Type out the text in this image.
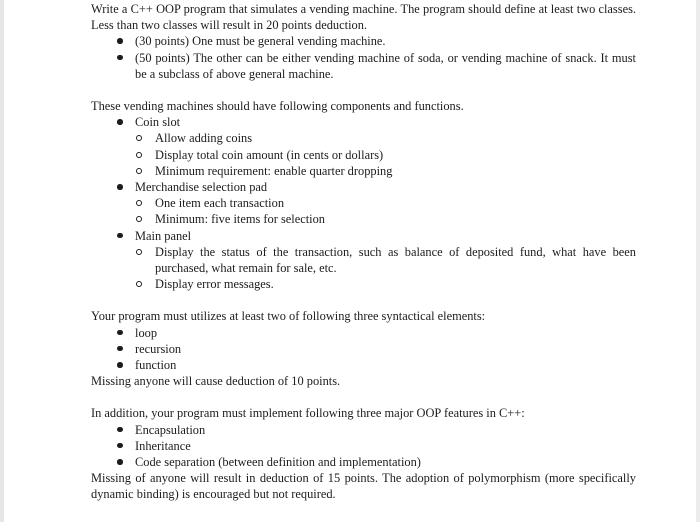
Write a C++ OOP program that simulates a vending machine. The program should define at least two classes. Less than two classes will result in 20 points deduction.

(30 points) One must be general vending machine.

(50 points) The other can be either vending machine of soda, or vending machine of snack. It must be a subclass of above general machine.

These vending machines should have following components and functions.

Coin slot
Allow adding coins
Display total coin amount (in cents or dollars)
Minimum requirement: enable quarter dropping
Merchandise selection pad
One item each transaction
Minimum: five items for selection
Main panel

Display the status of the transaction, such as balance of deposited fund, what have been purchased, what remain for sale, etc.

Display error messages.

Your program must utilizes at least two of following three syntactical elements:

loop
recursion
function

Missing anyone will cause deduction of 10 points.

In addition, your program must implement following three major OOP features in C++:

Encapsulation
Inheritance
Code separation (between definition and implementation)

Missing of anyone will result in deduction of 15 points. The adoption of polymorphism (more specifically dynamic binding) is encouraged but not required.
